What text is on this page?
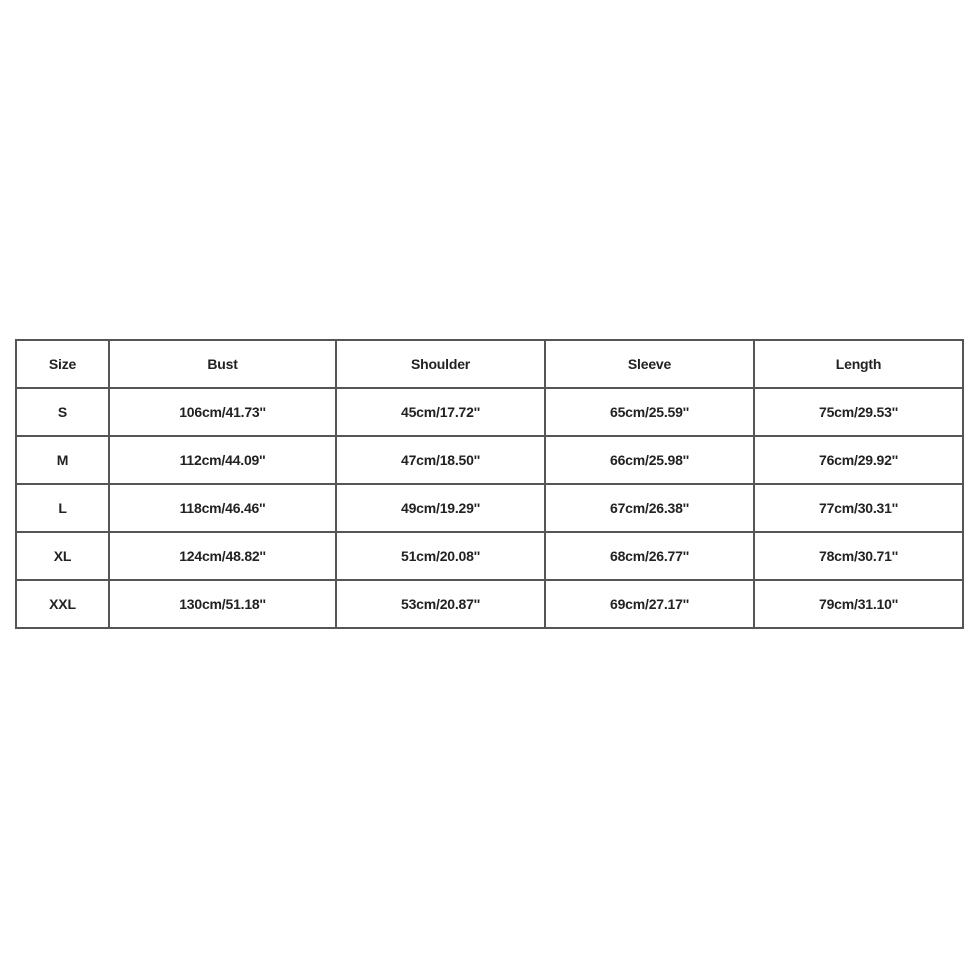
Size	Bust	Shoulder	Sleeve	Length
S	106cm/41.73''	45cm/17.72''	65cm/25.59''	75cm/29.53''
M	112cm/44.09''	47cm/18.50''	66cm/25.98''	76cm/29.92''
L	118cm/46.46''	49cm/19.29''	67cm/26.38''	77cm/30.31''
XL	124cm/48.82''	51cm/20.08''	68cm/26.77''	78cm/30.71''
XXL	130cm/51.18''	53cm/20.87''	69cm/27.17''	79cm/31.10''
